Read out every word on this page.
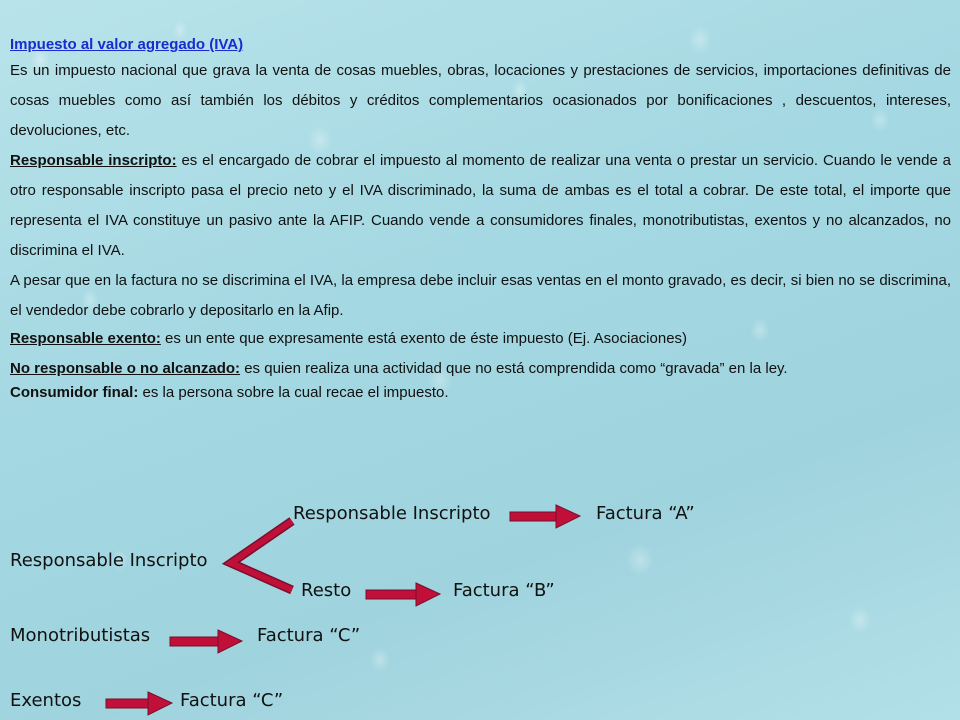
Impuesto al valor agregado (IVA)

Es un impuesto nacional que grava la venta de cosas muebles, obras, locaciones y prestaciones de servicios, importaciones definitivas de cosas muebles como así también los débitos y créditos complementarios ocasionados por bonificaciones , descuentos, intereses, devoluciones, etc.

Responsable inscripto: es el encargado de cobrar el impuesto al momento de realizar una venta o prestar un servicio. Cuando le vende a otro responsable inscripto pasa el precio neto y el IVA discriminado, la suma de ambas es el total a cobrar. De este total, el importe que representa el IVA constituye un pasivo ante la AFIP. Cuando vende a consumidores finales, monotributistas, exentos y no alcanzados, no discrimina el IVA.

A pesar que en la factura no se discrimina el IVA, la empresa debe incluir esas ventas en el monto gravado, es decir, si bien no se discrimina, el vendedor debe cobrarlo y depositarlo en la Afip.

Responsable exento: es un ente que expresamente está exento de éste impuesto (Ej. Asociaciones)

No responsable o no alcanzado: es quien realiza una actividad que no está comprendida como “gravada” en la ley.

Consumidor final: es la persona sobre la cual recae el impuesto.

Responsable Inscripto	Factura “A”
Responsable Inscripto
Resto	Factura “B”
Monotributistas	Factura “C”
Exentos	Factura “C”
